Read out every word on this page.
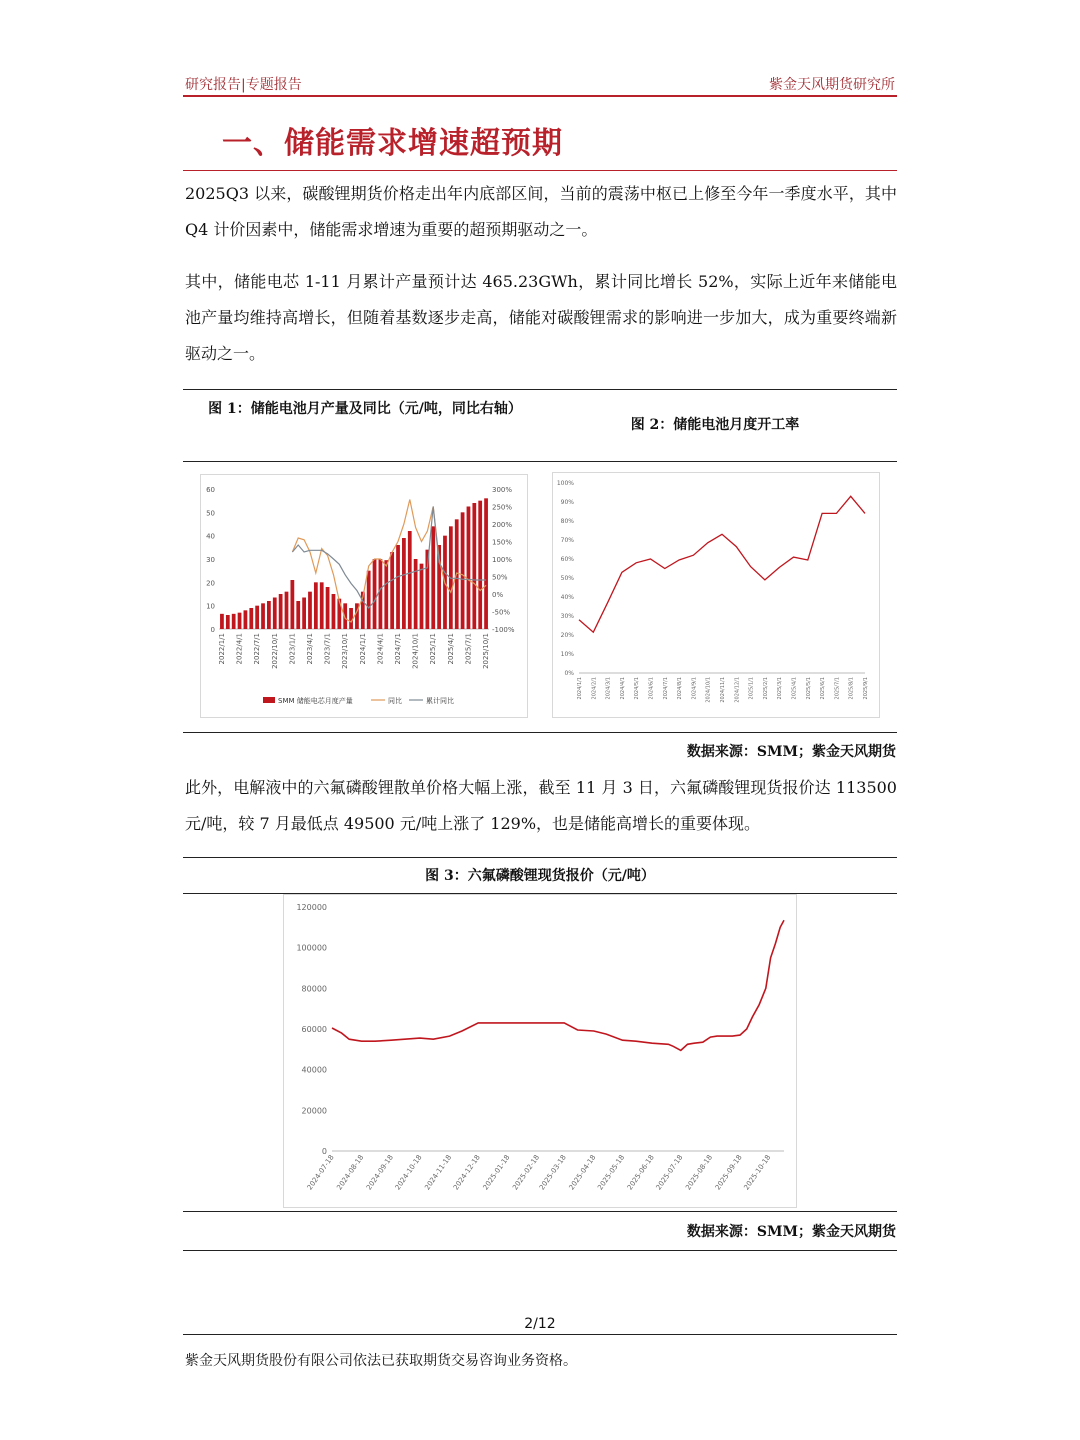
研究报告|专题报告	紫金天风期货研究所
一、储能需求增速超预期
2025Q3 以来，碳酸锂期货价格走出年内底部区间，当前的震荡中枢已上修至今年一季度水平，其中 Q4 计价因素中，储能需求增速为重要的超预期驱动之一。
其中，储能电芯 1-11 月累计产量预计达 465.23GWh，累计同比增长 52%，实际上近年来储能电池产量均维持高增长，但随着基数逐步走高，储能对碳酸锂需求的影响进一步加大，成为重要终端新驱动之一。
图 1：储能电池月产量及同比（元/吨，同比右轴）
图 2：储能电池月度开工率
0
10
20
30
40
50
60
-100%
-50%
0%
50%
100%
150%
200%
250%
300%
2022/1/1 2022/4/1 2022/7/1 2022/10/1 2023/1/1 2023/4/1 2023/7/1 2023/10/1 2024/1/1 2024/4/1 2024/7/1 2024/10/1 2025/1/1 2025/4/1 2025/7/1 2025/10/1
SMM 储能电芯月度产量	同比	累计同比
0%
10%
20%
30%
40%
50%
60%
70%
80%
90%
100%
2024/1/1 2024/2/1 2024/3/1 2024/4/1 2024/5/1 2024/6/1 2024/7/1 2024/8/1 2024/9/1 2024/10/1 2024/11/1 2024/12/1 2025/1/1 2025/2/1 2025/3/1 2025/4/1 2025/5/1 2025/6/1 2025/7/1 2025/8/1 2025/9/1
数据来源：SMM；紫金天风期货
此外，电解液中的六氟磷酸锂散单价格大幅上涨，截至 11 月 3 日，六氟磷酸锂现货报价达 113500 元/吨，较 7 月最低点 49500 元/吨上涨了 129%，也是储能高增长的重要体现。
图 3：六氟磷酸锂现货报价（元/吨）
0
20000
40000
60000
80000
100000
120000
2024-07-18 2024-08-18 2024-09-18
2024-10-18 2024-11-18
2024-12-18 2025-01-18 2025-02-18
2025-03-18 2025-04-18
2025-05-18 2025-06-18
2025-07-18 2025-08-18 2025-09-18
2025-10-18
数据来源：SMM；紫金天风期货
2/12
紫金天风期货股份有限公司依法已获取期货交易咨询业务资格。
